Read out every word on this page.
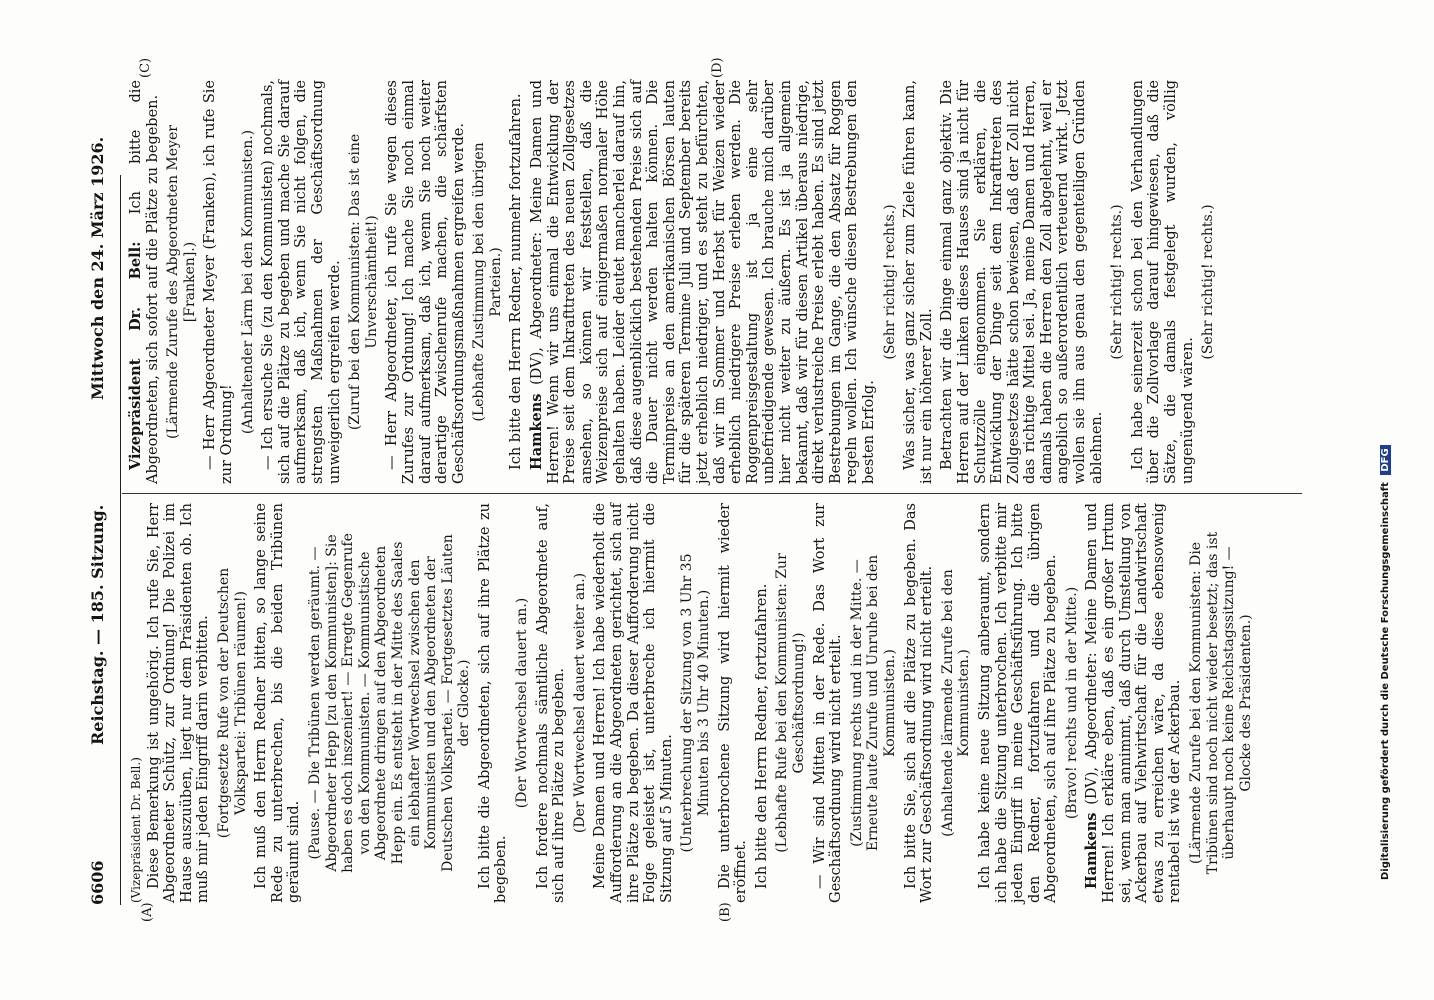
6606
Reichstag. — 185. Sitzung.
Mittwoch den 24. März 1926.
(A)	(B)
(C)	(D)

(Vizepräsident Dr. Bell.) Diese Bemerkung ist ungehörig. Ich rufe Sie, Herr Abgeordneter Schütz, zur Ordnung! Die Polizei im Hause auszuüben, liegt nur dem Präsidenten ob. Ich muß mir jeden Eingriff darin verbitten. (Fortgesetzte Rufe von der Deutschen Volkspartei: Tribünen räumen!) Ich muß den Herrn Redner bitten, so lange seine Rede zu unterbrechen, bis die beiden Tribünen geräumt sind. (Pause. — Die Tribünen werden geräumt. — Abgeordneter Hepp [zu den Kommunisten]: Sie haben es doch inszeniert! — Erregte Gegenrufe von den Kommunisten. — Kommunistische Abgeordnete dringen auf den Abgeordneten Hepp ein. Es entsteht in der Mitte des Saales ein lebhafter Wortwechsel zwischen den Kommunisten und den Abgeordneten der Deutschen Volkspartei. — Fortgesetztes Läuten der Glocke.) Ich bitte die Abgeordneten, sich auf ihre Plätze zu begeben.

(Der Wortwechsel dauert an.) Ich fordere nochmals sämtliche Abgeordnete auf, sich auf ihre Plätze zu begeben. (Der Wortwechsel dauert weiter an.) Meine Damen und Herren! Ich habe wiederholt die Aufforderung an die Abgeordneten gerichtet, sich auf ihre Plätze zu begeben. Da dieser Aufforderung nicht Folge geleistet ist, unterbreche ich hiermit die Sitzung auf 5 Minuten. (Unterbrechung der Sitzung von 3 Uhr 35 Minuten bis 3 Uhr 40 Minuten.) Die unterbrochene Sitzung wird hiermit wieder eröffnet. Ich bitte den Herrn Redner, fortzufahren. (Lebhafte Rufe bei den Kommunisten: Zur Geschäftsordnung!) — Wir sind Mitten in der Rede. Das Wort zur Geschäftsordnung wird nicht erteilt. (Zustimmung rechts und in der Mitte. — Erneute laute Zurufe und Unruhe bei den Kommunisten.) Ich bitte Sie, sich auf die Plätze zu begeben. Das Wort zur Geschäftsordnung wird nicht erteilt. (Anhaltende lärmende Zurufe bei den Kommunisten.) Ich habe keine neue Sitzung anberaumt, sondern ich habe die Sitzung unterbrochen. Ich verbitte mir jeden Eingriff in meine Geschäftsführung. Ich bitte den Redner, fortzufahren und die übrigen Abgeordneten, sich auf ihre Plätze zu begeben. (Bravo! rechts und in der Mitte.)

Hamkens (DV), Abgeordneter: Meine Damen und Herren! Ich erkläre eben, daß es ein großer Irrtum sei, wenn man annimmt, daß durch Umstellung von Ackerbau auf Viehwirtschaft für die Landwirtschaft etwas zu erreichen wäre, da diese ebensowenig rentabel ist wie der Ackerbau. (Lärmende Zurufe bei den Kommunisten: Die Tribünen sind noch nicht wieder besetzt; das ist überhaupt noch keine Reichstagssitzung! — Glocke des Präsidenten.)

Vizepräsident Dr. Bell: Ich bitte die Abgeordneten, sich sofort auf die Plätze zu begeben. (Lärmende Zurufe des Abgeordneten Meyer [Franken].) — Herr Abgeordneter Meyer (Franken), ich rufe Sie zur Ordnung! (Anhaltender Lärm bei den Kommunisten.) — Ich ersuche Sie (zu den Kommunisten) nochmals, sich auf die Plätze zu begeben und mache Sie darauf aufmerksam, daß ich, wenn Sie nicht folgen, die strengsten Maßnahmen der Geschäftsordnung unweigerlich ergreifen werde. (Zuruf bei den Kommunisten: Das ist eine Unverschämtheit!) — Herr Abgeordneter, ich rufe Sie wegen dieses Zurufes zur Ordnung! Ich mache Sie noch einmal darauf aufmerksam, daß ich, wenn Sie noch weiter derartige Zwischenrufe machen, die schärfsten Geschäftsordnungsmaßnahmen ergreifen werde. (Lebhafte Zustimmung bei den übrigen Parteien.) Ich bitte den Herrn Redner, nunmehr fortzufahren. Hamkens (DV), Abgeordneter: Meine Damen und Herren! Wenn wir uns einmal die Entwicklung der Preise seit dem Inkrafttreten des neuen Zollgesetzes ansehen, so können wir feststellen, daß die Weizenpreise sich auf einigermaßen normaler Höhe gehalten haben. Leider deutet mancherlei darauf hin, daß diese augenblicklich bestehenden Preise sich auf die Dauer nicht werden halten können. Die Terminpreise an den amerikanischen Börsen lauten für die späteren Termine Juli und September bereits jetzt erheblich niedriger, und es steht zu befürchten, daß wir im Sommer und Herbst für Weizen wieder erheblich niedrigere Preise erleben werden. Die Roggenpreisgestaltung ist ja eine sehr unbefriedigende gewesen. Ich brauche mich darüber hier nicht weiter zu äußern. Es ist ja allgemein bekannt, daß wir für diesen Artikel überaus niedrige, direkt verlustreiche Preise erlebt haben. Es sind jetzt Bestrebungen im Gange, die den Absatz für Roggen regeln wollen. Ich wünsche diesen Bestrebungen den besten Erfolg.

(Sehr richtig! rechts.) Was sicher, was ganz sicher zum Ziele führen kann, ist nur ein höherer Zoll. Betrachten wir die Dinge einmal ganz objektiv. Die Herren auf der Linken dieses Hauses sind ja nicht für Schutzzölle eingenommen. Sie erklären, die Entwicklung der Dinge seit dem Inkrafttreten des Zollgesetzes hätte schon bewiesen, daß der Zoll nicht das richtige Mittel sei. Ja, meine Damen und Herren, damals haben die Herren den Zoll abgelehnt, weil er angeblich so außerordentlich verteuernd wirkt. Jetzt wollen sie ihn aus genau den gegenteiligen Gründen ablehnen.

(Sehr richtig! rechts.) Ich habe seinerzeit schon bei den Verhandlungen über die Zollvorlage darauf hingewiesen, daß die Sätze, die damals festgelegt wurden, völlig ungenügend wären.

(Sehr richtig! rechts.)

Digitalisierung gefördert durch die Deutsche Forschungsgemeinschaft DFG
